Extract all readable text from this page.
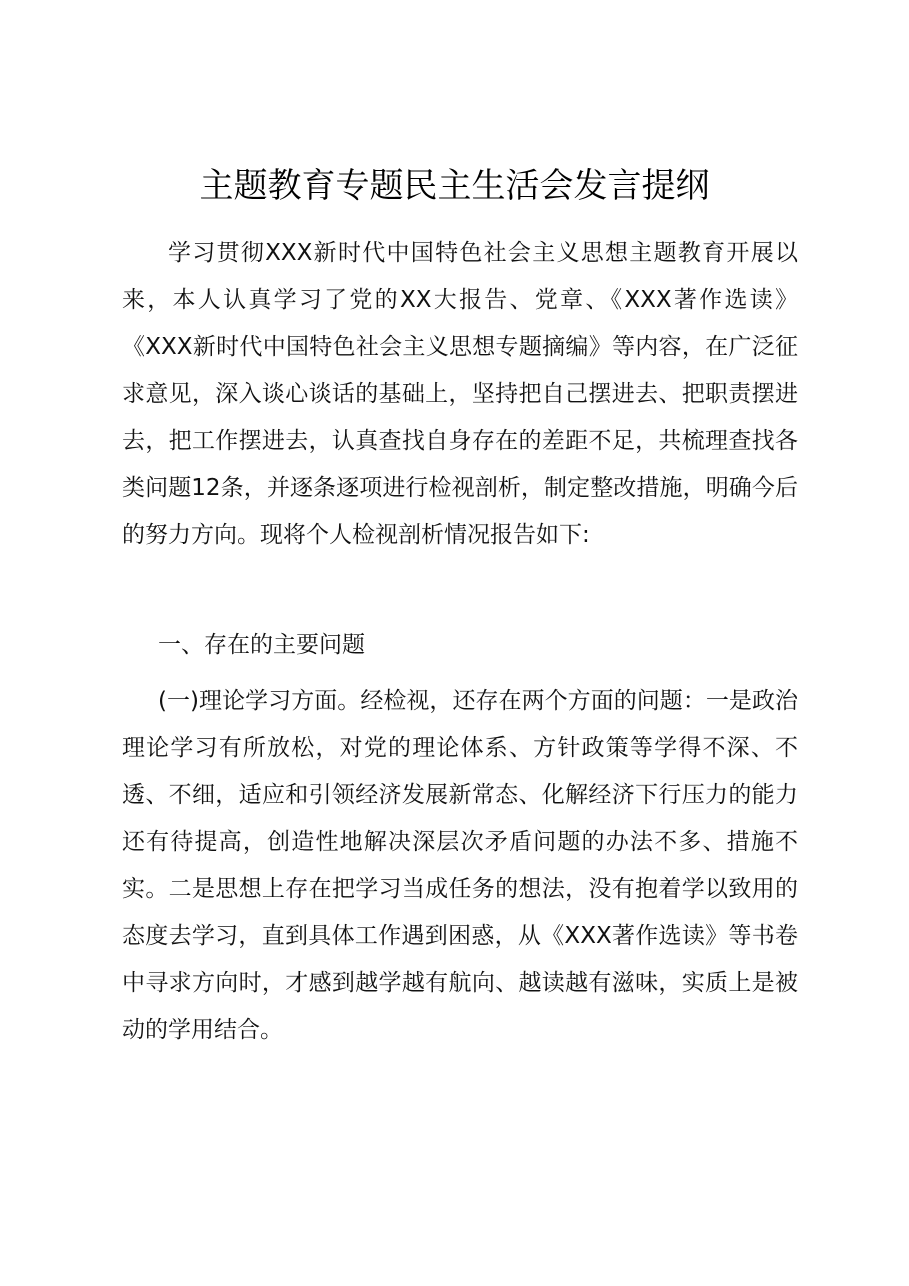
主题教育专题民主生活会发言提纲

学习贯彻XXX新时代中国特色社会主义思想主题教育开展以来，本人认真学习了党的XX大报告、党章、《XXX著作选读》《XXX新时代中国特色社会主义思想专题摘编》等内容，在广泛征求意见，深入谈心谈话的基础上，坚持把自己摆进去、把职责摆进去，把工作摆进去，认真查找自身存在的差距不足，共梳理查找各类问题12条，并逐条逐项进行检视剖析，制定整改措施，明确今后的努力方向。现将个人检视剖析情况报告如下:

一、存在的主要问题

(一)理论学习方面。经检视，还存在两个方面的问题：一是政治理论学习有所放松，对党的理论体系、方针政策等学得不深、不透、不细，适应和引领经济发展新常态、化解经济下行压力的能力还有待提高，创造性地解决深层次矛盾问题的办法不多、措施不实。二是思想上存在把学习当成任务的想法，没有抱着学以致用的态度去学习，直到具体工作遇到困惑，从《XXX著作选读》等书卷中寻求方向时，才感到越学越有航向、越读越有滋味，实质上是被动的学用结合。
